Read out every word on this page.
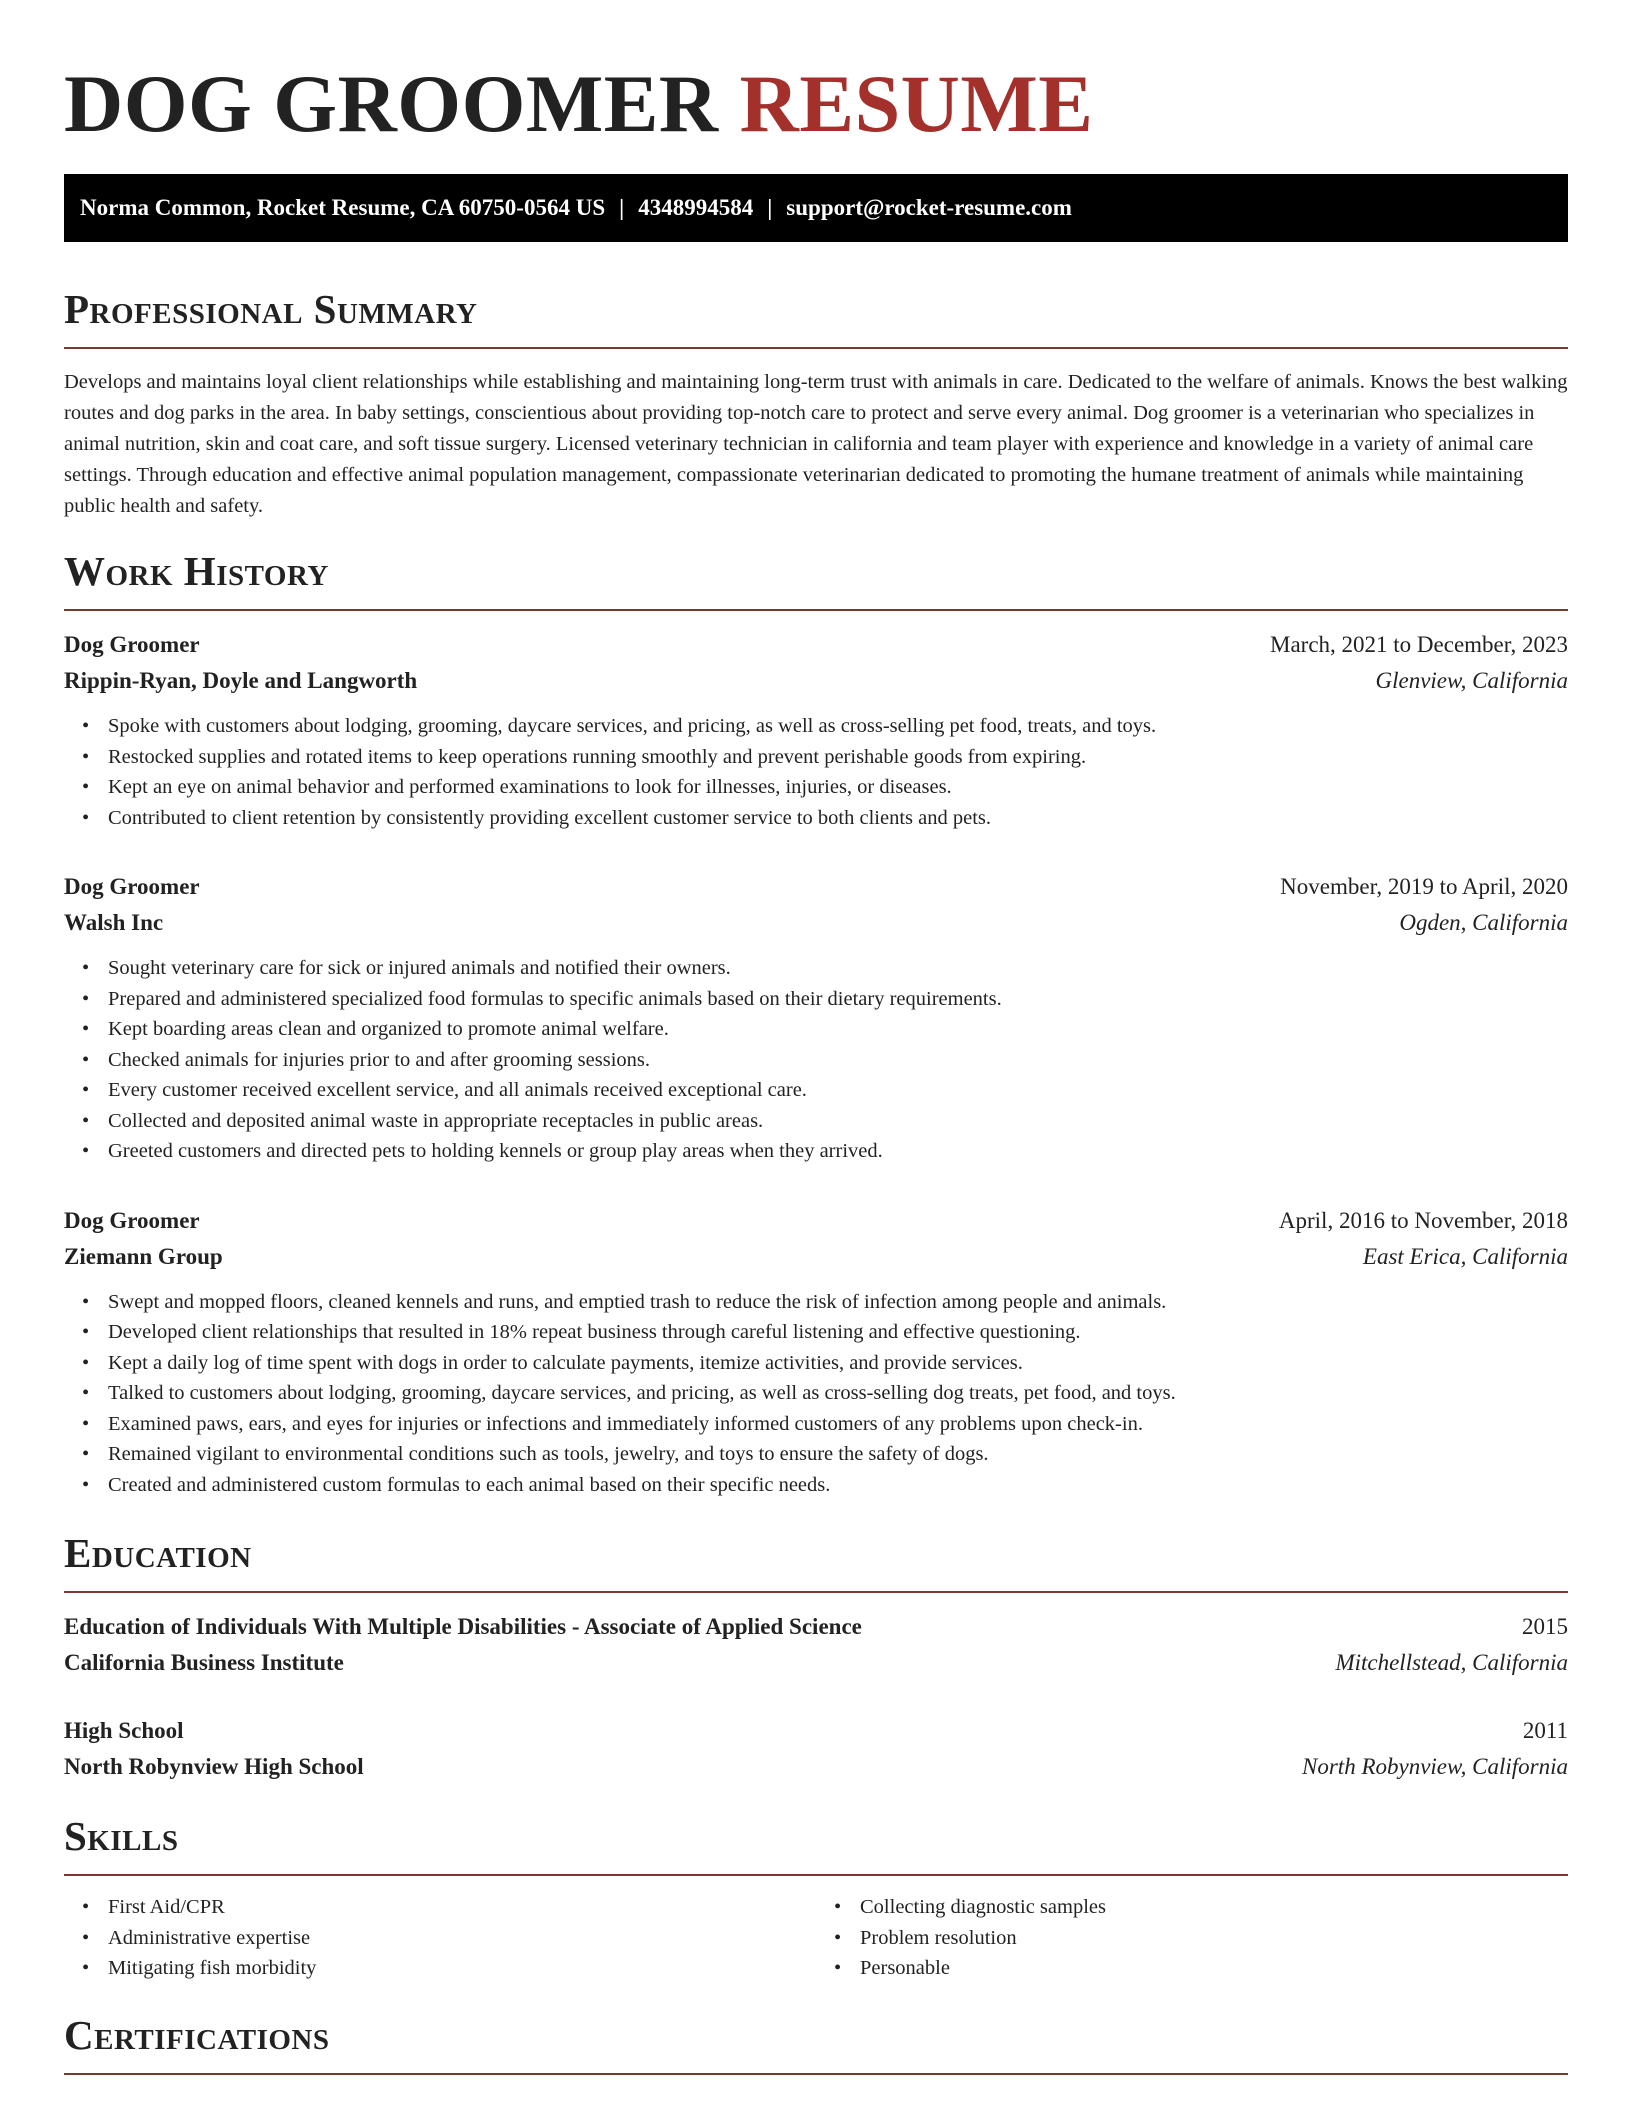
DOG GROOMER RESUME
Norma Common, Rocket Resume, CA 60750-0564 US | 4348994584 | support@rocket-resume.com
Professional Summary

Develops and maintains loyal client relationships while establishing and maintaining long-term trust with animals in care. Dedicated to the welfare of animals. Knows the best walking routes and dog parks in the area. In baby settings, conscientious about providing top-notch care to protect and serve every animal. Dog groomer is a veterinarian who specializes in animal nutrition, skin and coat care, and soft tissue surgery. Licensed veterinary technician in california and team player with experience and knowledge in a variety of animal care settings. Through education and effective animal population management, compassionate veterinarian dedicated to promoting the humane treatment of animals while maintaining public health and safety.

Work History
Dog Groomer	March, 2021 to December, 2023
Rippin-Ryan, Doyle and Langworth	Glenview, California
• Spoke with customers about lodging, grooming, daycare services, and pricing, as well as cross-selling pet food, treats, and toys.
• Restocked supplies and rotated items to keep operations running smoothly and prevent perishable goods from expiring.
• Kept an eye on animal behavior and performed examinations to look for illnesses, injuries, or diseases.
• Contributed to client retention by consistently providing excellent customer service to both clients and pets.
Dog Groomer	November, 2019 to April, 2020
Walsh Inc	Ogden, California
• Sought veterinary care for sick or injured animals and notified their owners.
• Prepared and administered specialized food formulas to specific animals based on their dietary requirements.
• Kept boarding areas clean and organized to promote animal welfare.
• Checked animals for injuries prior to and after grooming sessions.
• Every customer received excellent service, and all animals received exceptional care.
• Collected and deposited animal waste in appropriate receptacles in public areas.
• Greeted customers and directed pets to holding kennels or group play areas when they arrived.
Dog Groomer	April, 2016 to November, 2018
Ziemann Group	East Erica, California
• Swept and mopped floors, cleaned kennels and runs, and emptied trash to reduce the risk of infection among people and animals.
• Developed client relationships that resulted in 18% repeat business through careful listening and effective questioning.
• Kept a daily log of time spent with dogs in order to calculate payments, itemize activities, and provide services.
• Talked to customers about lodging, grooming, daycare services, and pricing, as well as cross-selling dog treats, pet food, and toys.
• Examined paws, ears, and eyes for injuries or infections and immediately informed customers of any problems upon check-in.
• Remained vigilant to environmental conditions such as tools, jewelry, and toys to ensure the safety of dogs.
• Created and administered custom formulas to each animal based on their specific needs.
Education
Education of Individuals With Multiple Disabilities - Associate of Applied Science	2015
California Business Institute	Mitchellstead, California
High School	2011
North Robynview High School	North Robynview, California
Skills
• First Aid/CPR
• Administrative expertise
• Mitigating fish morbidity
• Collecting diagnostic samples
• Problem resolution
• Personable
Certifications
